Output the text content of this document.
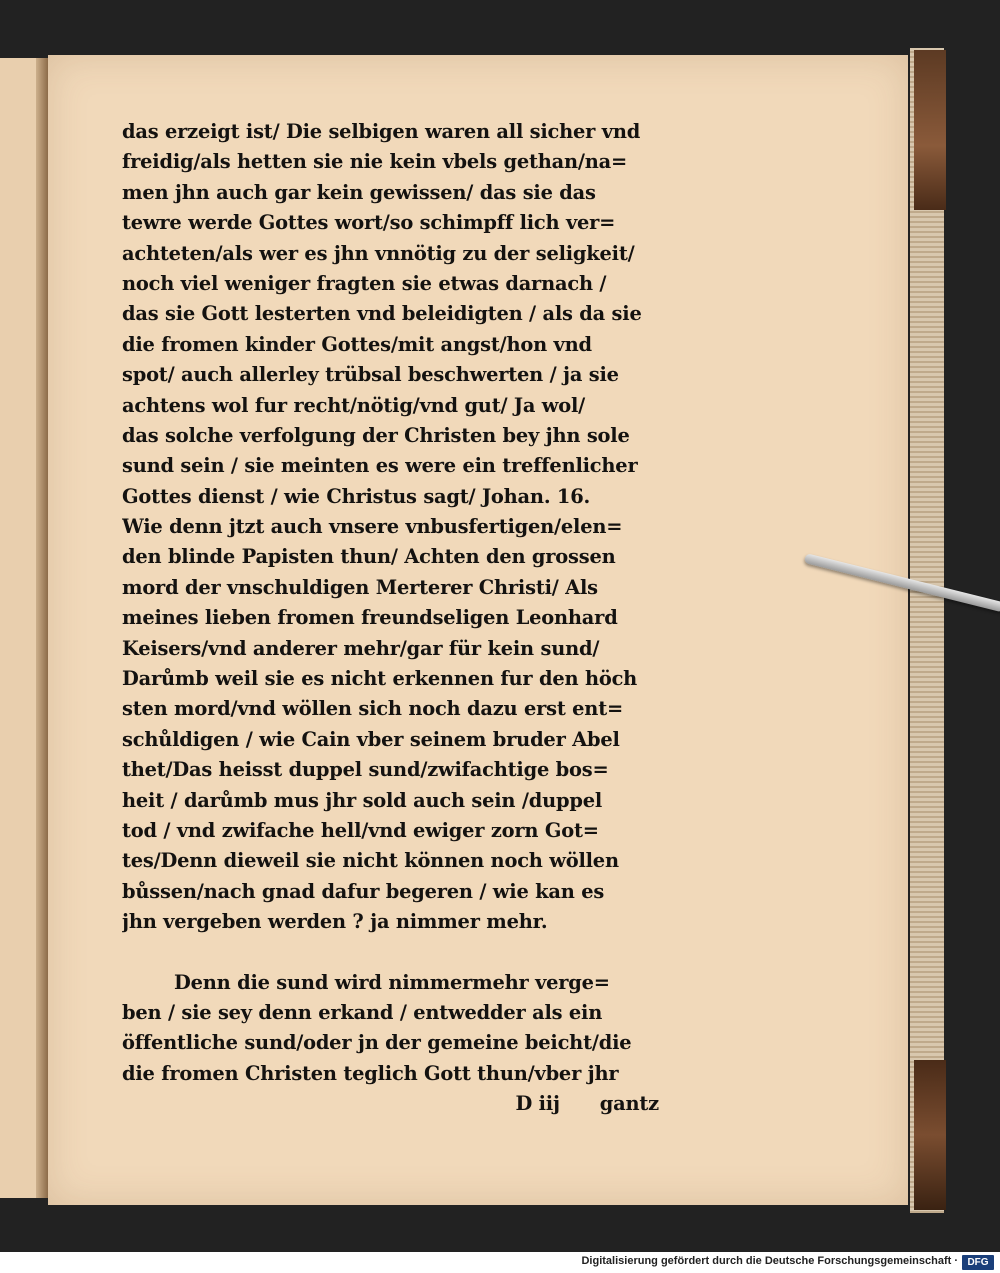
das erzeigt ist/ Die selbigen waren all sicher vnd
freidig/als hetten sie nie kein vbels gethan/na=
men jhn auch gar kein gewissen/ das sie das
tewre werde Gottes wort/so schimpff lich ver=
achteten/als wer es jhn vnnötig zu der seligkeit/
noch viel weniger fragten sie etwas darnach /
das sie Gott lesterten vnd beleidigten / als da sie
die fromen kinder Gottes/mit angst/hon vnd
spot/ auch allerley trübsal beschwerten / ja sie
achtens wol fur recht/nötig/vnd gut/ Ja wol/
das solche verfolgung der Christen bey jhn sole
sund sein / sie meinten es were ein treffenlicher
Gottes dienst / wie Christus sagt/ Johan. 16.
Wie denn jtzt auch vnsere vnbusfertigen/elen=
den blinde Papisten thun/ Achten den grossen
mord der vnschuldigen Merterer Christi/ Als
meines lieben fromen freundseligen Leonhard
Keisers/vnd anderer mehr/gar für kein sund/
Darůmb weil sie es nicht erkennen fur den höch
sten mord/vnd wöllen sich noch dazu erst ent=
schůldigen / wie Cain vber seinem bruder Abel
thet/Das heisst duppel sund/zwifachtige bos=
heit / darůmb mus jhr sold auch sein /duppel
tod / vnd zwifache hell/vnd ewiger zorn Got=
tes/Denn dieweil sie nicht können noch wöllen
bůssen/nach gnad dafur begeren / wie kan es
jhn vergeben werden ? ja nimmer mehr.
Denn die sund wird nimmermehr verge=
ben / sie sey denn erkand / entwedder als ein
öffentliche sund/oder jn der gemeine beicht/die
die fromen Christen teglich Gott thun/vber jhr
D iij gantz
Digitalisierung gefördert durch die Deutsche Forschungsgemeinschaft · DFG
